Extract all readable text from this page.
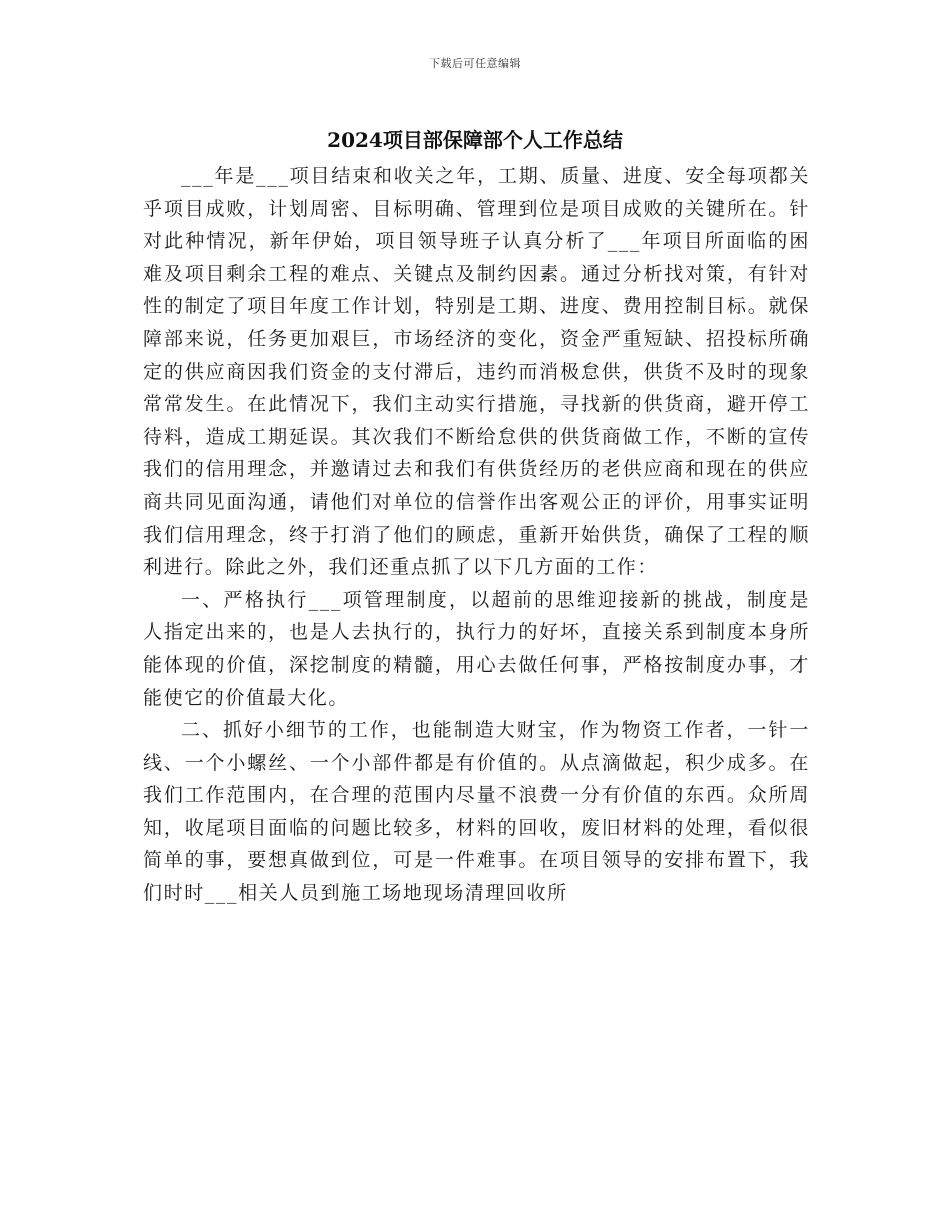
下载后可任意编辑
2024项目部保障部个人工作总结

___年是___项目结束和收关之年，工期、质量、进度、安全每项都关乎项目成败，计划周密、目标明确、管理到位是项目成败的关键所在。针对此种情况，新年伊始，项目领导班子认真分析了___年项目所面临的困难及项目剩余工程的难点、关键点及制约因素。通过分析找对策，有针对性的制定了项目年度工作计划，特别是工期、进度、费用控制目标。就保障部来说，任务更加艰巨，市场经济的变化，资金严重短缺、招投标所确定的供应商因我们资金的支付滞后，违约而消极怠供，供货不及时的现象常常发生。在此情况下，我们主动实行措施，寻找新的供货商，避开停工待料，造成工期延误。其次我们不断给怠供的供货商做工作，不断的宣传我们的信用理念，并邀请过去和我们有供货经历的老供应商和现在的供应商共同见面沟通，请他们对单位的信誉作出客观公正的评价，用事实证明我们信用理念，终于打消了他们的顾虑，重新开始供货，确保了工程的顺利进行。除此之外，我们还重点抓了以下几方面的工作：

一、严格执行___项管理制度，以超前的思维迎接新的挑战，制度是人指定出来的，也是人去执行的，执行力的好坏，直接关系到制度本身所能体现的价值，深挖制度的精髓，用心去做任何事，严格按制度办事，才能使它的价值最大化。

二、抓好小细节的工作，也能制造大财宝，作为物资工作者，一针一线、一个小螺丝、一个小部件都是有价值的。从点滴做起，积少成多。在我们工作范围内，在合理的范围内尽量不浪费一分有价值的东西。众所周知，收尾项目面临的问题比较多，材料的回收，废旧材料的处理，看似很简单的事，要想真做到位，可是一件难事。在项目领导的安排布置下，我们时时___相关人员到施工场地现场清理回收所
